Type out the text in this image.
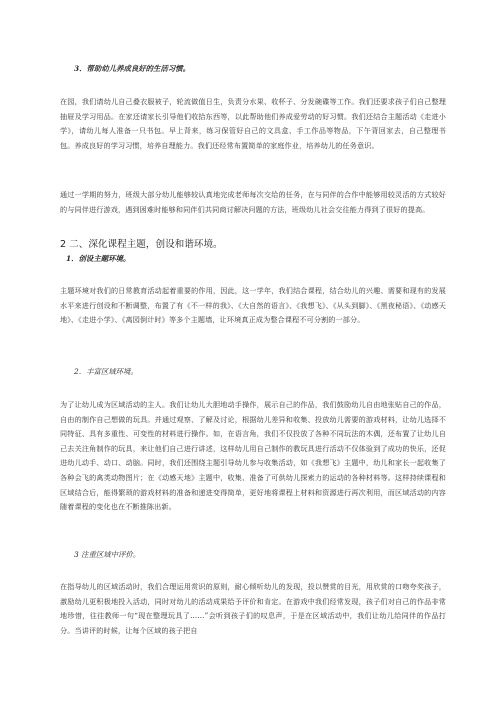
3．帮助幼儿养成良好的生活习惯。
在园，我们请幼儿自己叠衣服被子，轮流做值日生，负责分水果、收杯子、分发碗碟等工作。我们还要求孩子们自己整理抽屉及学习用品。在家还请家长引导他们收拾东西等，以此帮助他们养成爱劳动的好习惯。我们还结合主题活动《走进小学》，请幼儿每人准备一只书包。早上背来，练习保管好自己的文具盒、手工作品等物品，下午背回家去，自己整理书包。养成良好的学习习惯，培养自理能力。我们还经常布置简单的家庭作业，培养幼儿的任务意识。
通过一学期的努力，班级大部分幼儿能够较认真地完成老师每次交给的任务，在与同伴的合作中能够用较灵活的方式较好的与同伴进行游戏，遇到困难时能够和同伴们共同商讨解决问题的方法，班级幼儿社会交往能力得到了很好的提高。
2 二、深化课程主题，创设和谐环境。
1．创设主题环境。
主题环境对我们的日常教育活动起着重要的作用，因此，这一学年，我们结合课程，结合幼儿的兴趣、需要和现有的发展水平来进行创设和不断调整，布置了有《不一样的我》、《大自然的语言》、《我想飞》、《从头到脚》、《黑夜秘语》、《动感天地》、《走进小学》、《离园倒计时》等多个主题墙，让环境真正成为整合课程不可分割的一部分。
2．丰富区域环境。
为了让幼儿成为区域活动的主人。我们让幼儿大胆地动手操作，展示自己的作品，我们鼓励幼儿自由地张贴自己的作品，自由的制作自己想做的玩具。并通过观察、了解及讨论，根据幼儿差异和收集、投放幼儿需要的游戏材料，让幼儿选择不同特征、具有多重性、可变性的材料进行操作。如，在语言角，我们不仅投放了各种不同玩法的木偶，还布置了让幼儿自己去关注角制作的玩具，来让他们自己进行讲述，这样幼儿用自己制作的教玩具进行活动不仅体验到了成功的快乐，还促进幼儿动手、动口、动脑。同时，我们还围绕主题引导幼儿参与收集活动，如《我想飞》主题中，幼儿和家长一起收集了各种会飞的禽类动物图片；在《动感天地》主题中，收集、准备了可供幼儿探索力的运动的各种材料等。这样持续课程和区域结合后，能得繁琐的游戏材料的准备和递进变得简单，更好地将课程上材料和资源进行再次利用，而区域活动的内容随着课程的变化也在不断推陈出新。
3 注重区域中评价。
在指导幼儿的区域活动时，我们合理运用赏识的原则，耐心倾听幼儿的发现，投以赞赏的目光，用欣赏的口吻夸奖孩子，激励幼儿更积极地投入活动，同时对幼儿的活动成果给予评价和肯定。在游戏中我们经常发现，孩子们对自己的作品非常地珍惜，往往教师一句“现在整理玩具了……”会听到孩子们的叹息声，于是在区域活动中，我们让幼儿给同伴的作品打分。当讲评的时候，让每个区域的孩子把自
